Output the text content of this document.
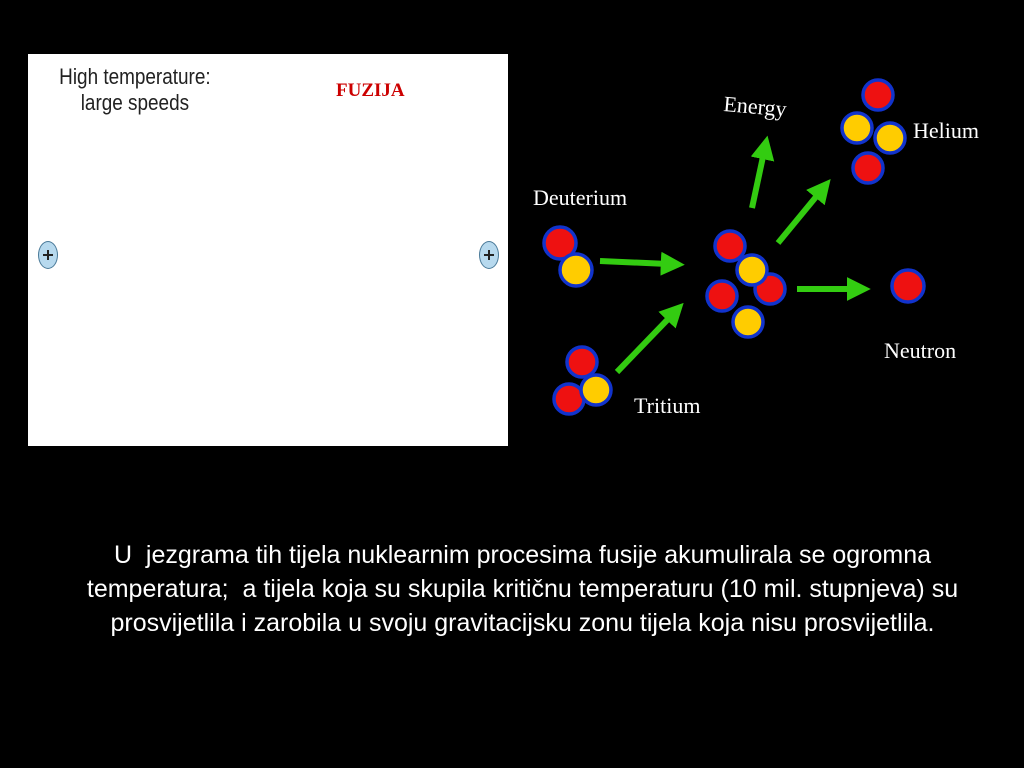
High temperature:
large speeds	FUZIJA
Energy
Helium
Deuterium
Neutron
Tritium
U  jezgrama tih tijela nuklearnim procesima fusije akumulirala se ogromna temperatura;  a tijela koja su skupila kritičnu temperaturu (10 mil. stupnjeva) su prosvijetlila i zarobila u svoju gravitacijsku zonu tijela koja nisu prosvijetlila.
